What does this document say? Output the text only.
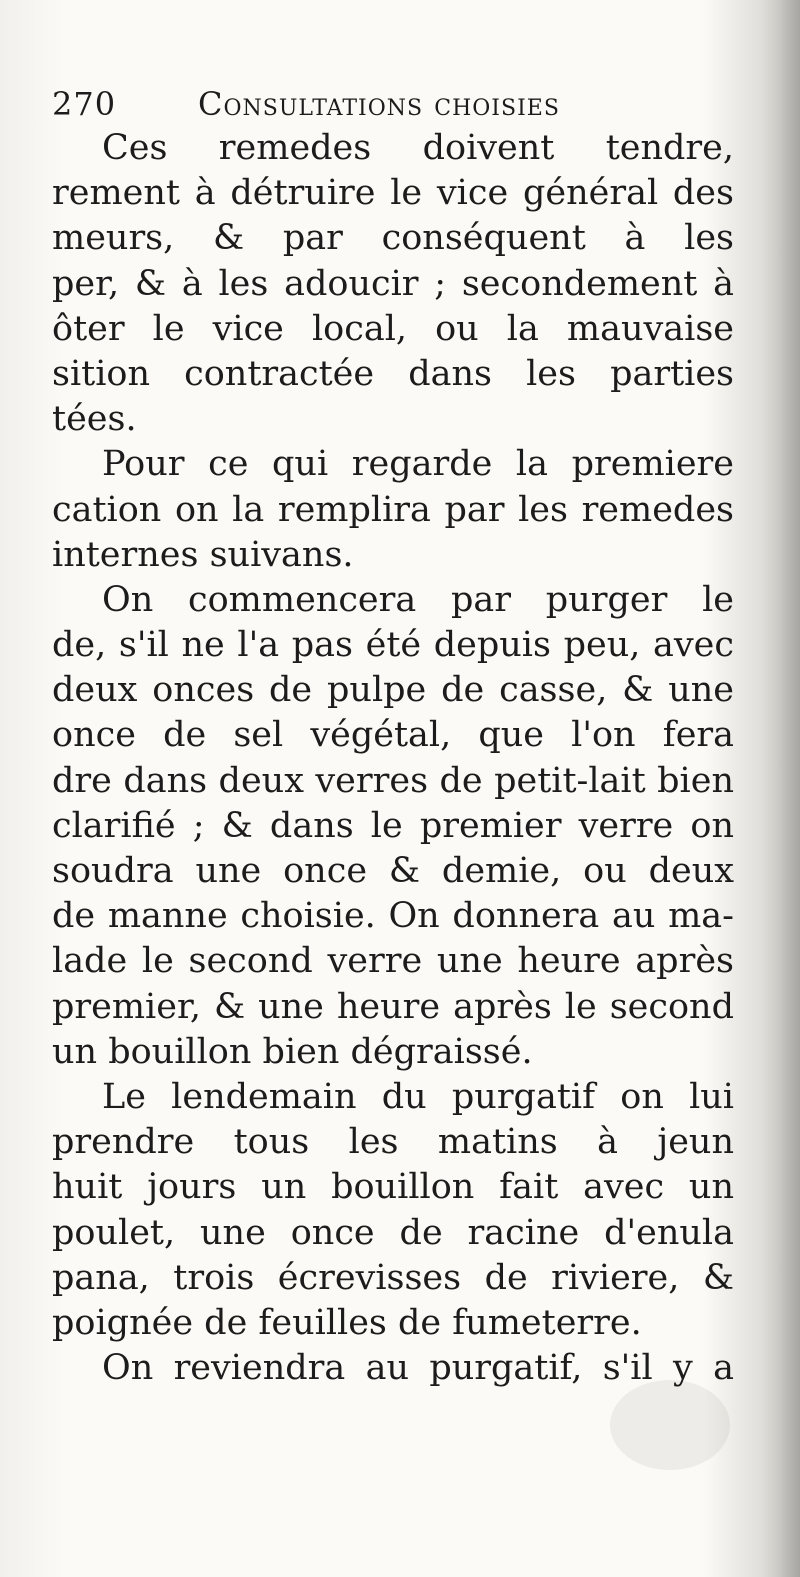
270	Consultations choisies
Ces remedes doivent tendre,
rement à détruire le vice général des
meurs, & par conséquent à les
per, & à les adoucir ; secondement à
ôter le vice local, ou la mauvaise
sition contractée dans les parties
tées.
Pour ce qui regarde la premiere
cation on la remplira par les remedes
internes suivans.
On commencera par purger le
de, s'il ne l'a pas été depuis peu, avec
deux onces de pulpe de casse, & une
once de sel végétal, que l'on fera
dre dans deux verres de petit-lait bien
clarifié ; & dans le premier verre on
soudra une once & demie, ou deux
de manne choisie. On donnera au ma-
lade le second verre une heure après
premier, & une heure après le second
un bouillon bien dégraissé.
Le lendemain du purgatif on lui
prendre tous les matins à jeun
huit jours un bouillon fait avec un
poulet, une once de racine d'enula
pana, trois écrevisses de riviere, &
poignée de feuilles de fumeterre.
On reviendra au purgatif, s'il y a
